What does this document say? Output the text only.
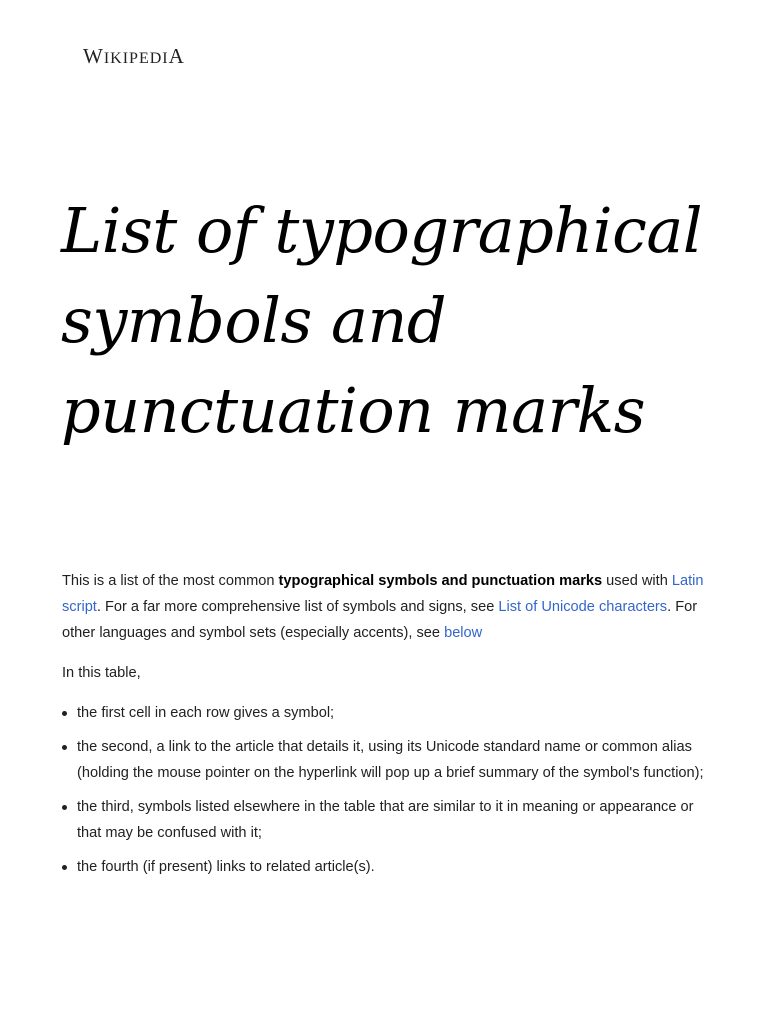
WIKIPEDIA
List of typographical symbols and punctuation marks

This is a list of the most common typographical symbols and punctuation marks used with Latin script. For a far more comprehensive list of symbols and signs, see List of Unicode characters. For other languages and symbol sets (especially accents), see below

In this table,

the first cell in each row gives a symbol;
the second, a link to the article that details it, using its Unicode standard name or common alias (holding the mouse pointer on the hyperlink will pop up a brief summary of the symbol's function);
the third, symbols listed elsewhere in the table that are similar to it in meaning or appearance or that may be confused with it;
the fourth (if present) links to related article(s).
